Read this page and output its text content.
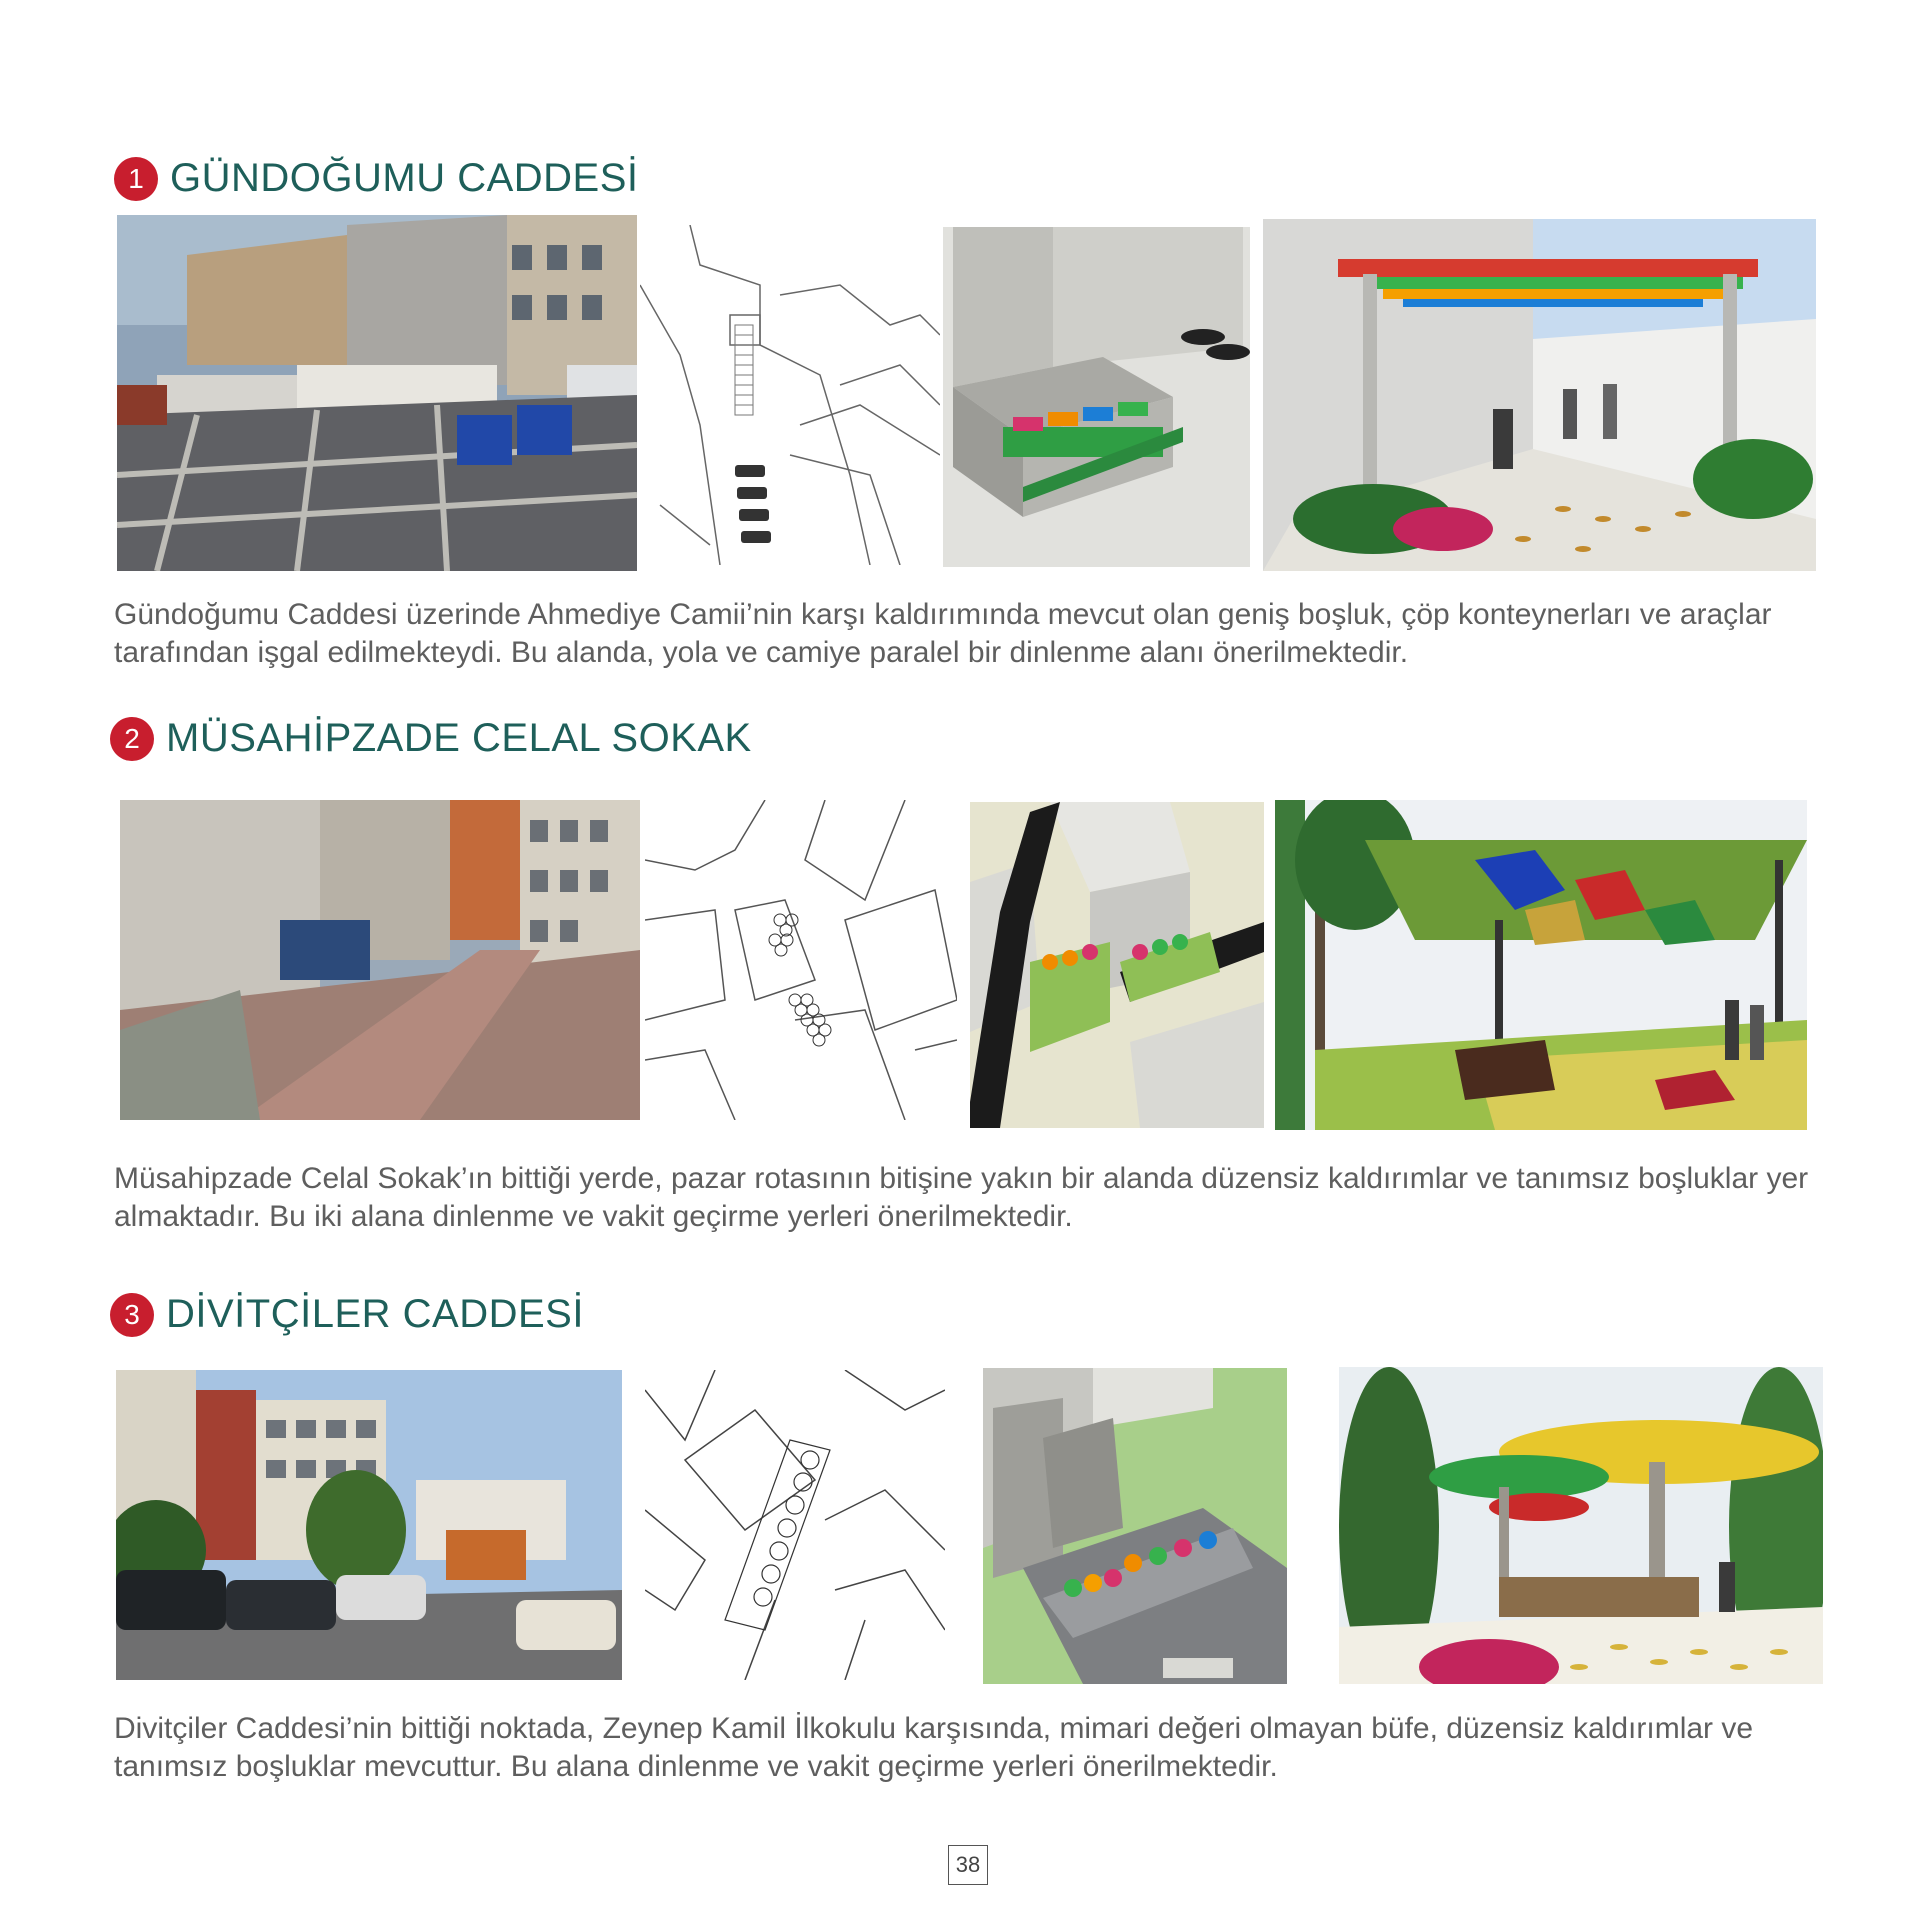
1 GÜNDOĞUMU CADDESİ
Gündoğumu Caddesi üzerinde Ahmediye Camii’nin karşı kaldırımında mevcut olan geniş boşluk, çöp konteynerları ve araçlar tarafından işgal edilmekteydi. Bu alanda, yola ve camiye paralel bir dinlenme alanı önerilmektedir.
2 MÜSAHİPZADE CELAL SOKAK
Müsahipzade Celal Sokak’ın bittiği yerde, pazar rotasının bitişine yakın bir alanda düzensiz kaldırımlar ve tanımsız boşluklar yer almaktadır. Bu iki alana dinlenme ve vakit geçirme yerleri önerilmektedir.
3 DİVİTÇİLER CADDESİ
Divitçiler Caddesi’nin bittiği noktada, Zeynep Kamil İlkokulu karşısında, mimari değeri olmayan büfe, düzensiz kaldırımlar ve tanımsız boşluklar mevcuttur. Bu alana dinlenme ve vakit geçirme yerleri önerilmektedir.
38
